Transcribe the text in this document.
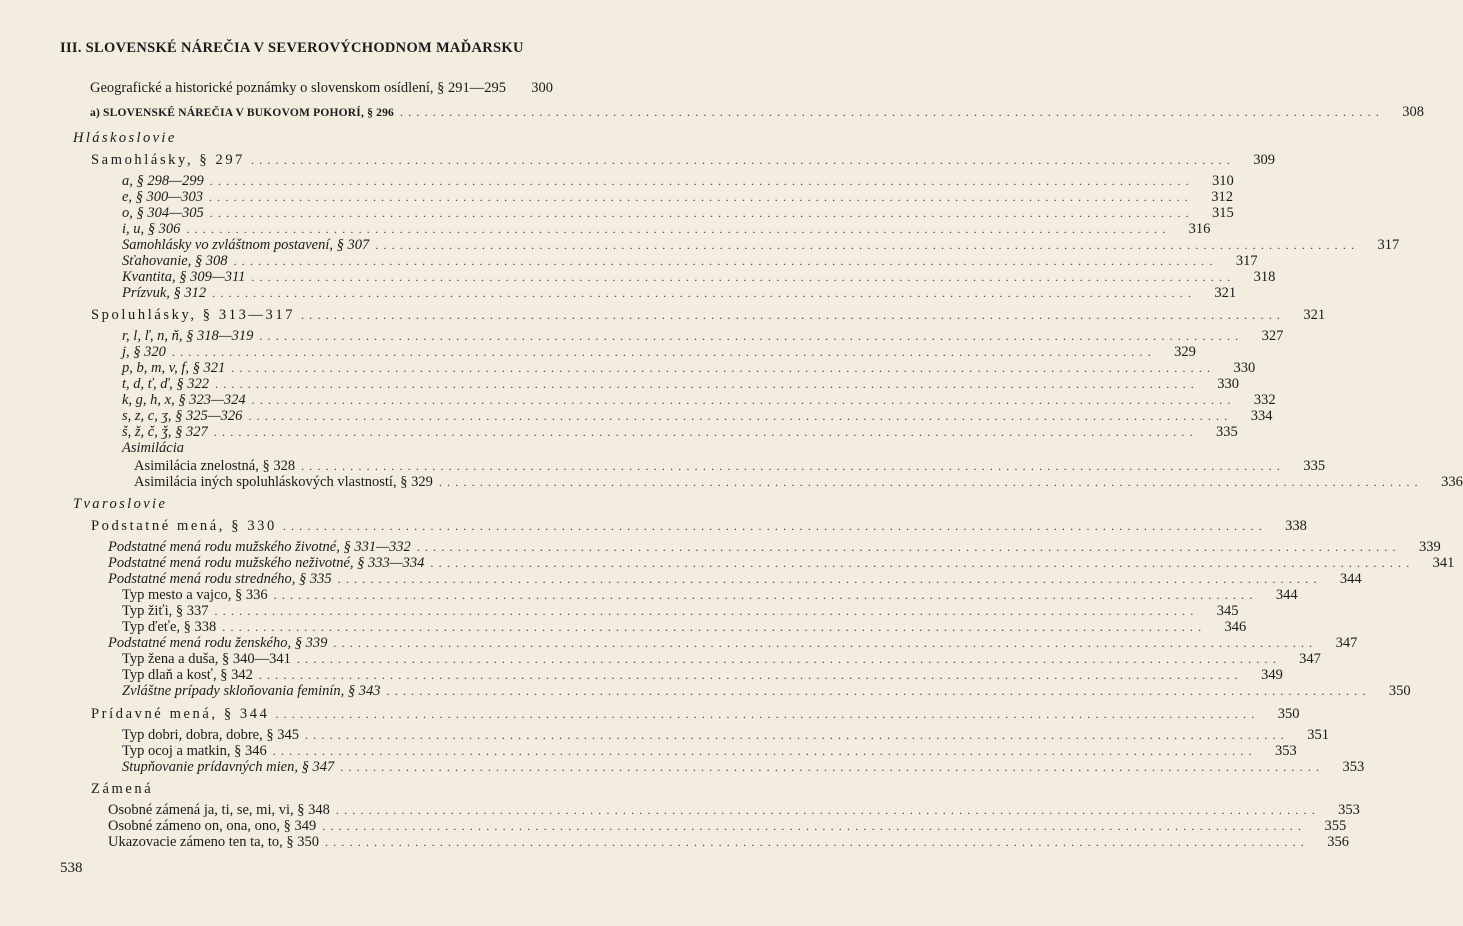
III. SLOVENSKÉ NÁREČIA V SEVEROVÝCHODNOM MAĎARSKU
Geografické a historické poznámky o slovenskom osídlení, § 291—295	300
a) SLOVENSKÉ NÁREČIA V BUKOVOM POHORÍ, § 296 ........................................................................................................................	308
Hláskoslovie
Samohlásky, § 297 ........................................................................................................................	309
a, § 298—299 ........................................................................................................................	310
e, § 300—303 ........................................................................................................................	312
o, § 304—305 ........................................................................................................................	315
i, u, § 306 ........................................................................................................................	316
Samohlásky vo zvláštnom postavení, § 307 ........................................................................................................................	317
Sťahovanie, § 308 ........................................................................................................................	317
Kvantita, § 309—311 ........................................................................................................................	318
Prízvuk, § 312 ........................................................................................................................	321
Spoluhlásky, § 313—317 ........................................................................................................................	321
r, l, ľ, n, ň, § 318—319 ........................................................................................................................	327
j, § 320 ........................................................................................................................	329
p, b, m, v, f, § 321 ........................................................................................................................	330
t, d, ť, ď, § 322 ........................................................................................................................	330
k, g, h, x, § 323—324 ........................................................................................................................	332
s, z, c, ʒ, § 325—326 ........................................................................................................................	334
š, ž, č, ǯ, § 327 ........................................................................................................................	335
Asimilácia
Asimilácia znelostná, § 328 ........................................................................................................................	335
Asimilácia iných spoluhláskových vlastností, § 329 ........................................................................................................................	336
Tvaroslovie
Podstatné mená, § 330 ........................................................................................................................	338
Podstatné mená rodu mužského životné, § 331—332 ........................................................................................................................	339
Podstatné mená rodu mužského neživotné, § 333—334 ........................................................................................................................	341
Podstatné mená rodu stredného, § 335 ........................................................................................................................	344
Typ mesto a vajco, § 336 ........................................................................................................................	344
Typ žiťi, § 337 ........................................................................................................................	345
Typ ďeťe, § 338 ........................................................................................................................	346
Podstatné mená rodu ženského, § 339 ........................................................................................................................	347
Typ žena a duša, § 340—341 ........................................................................................................................	347
Typ dlaň a kosť, § 342 ........................................................................................................................	349
Zvláštne prípady skloňovania feminín, § 343 ........................................................................................................................	350
Prídavné mená, § 344 ........................................................................................................................	350
Typ dobri, dobra, dobre, § 345 ........................................................................................................................	351
Typ ocoj a matkin, § 346 ........................................................................................................................	353
Stupňovanie prídavných mien, § 347 ........................................................................................................................	353
Zámená
Osobné zámená ja, ti, se, mi, vi, § 348 ........................................................................................................................	353
Osobné zámeno on, ona, ono, § 349 ........................................................................................................................	355
Ukazovacie zámeno ten ta, to, § 350 ........................................................................................................................	356
538
